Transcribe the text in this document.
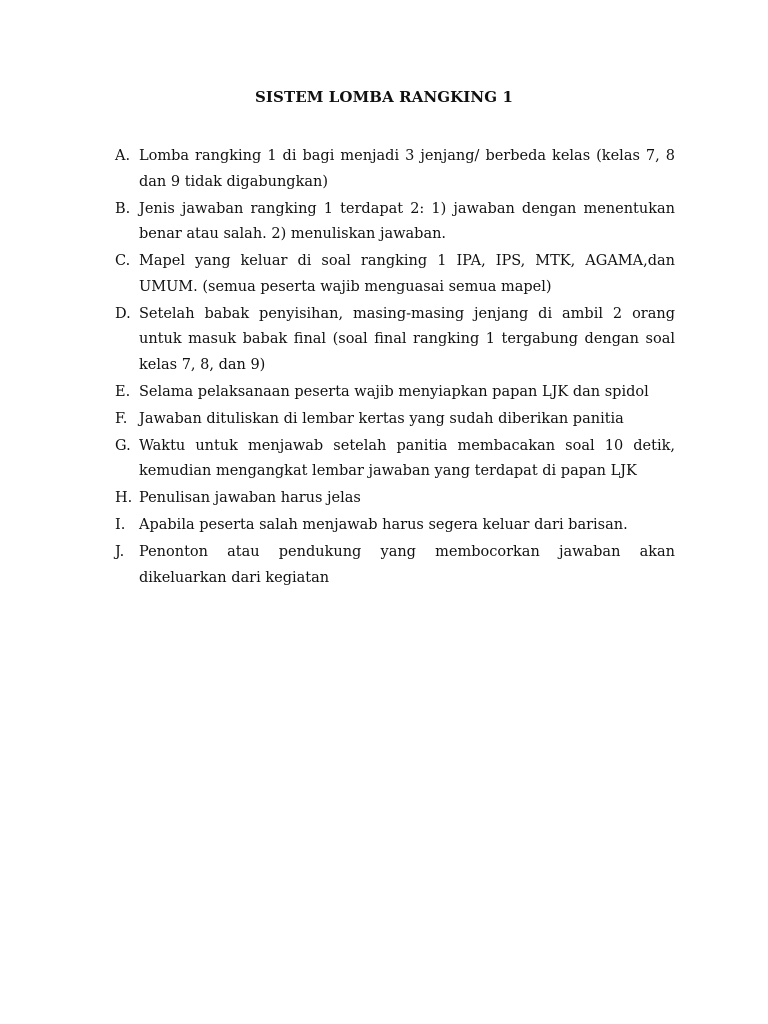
SISTEM LOMBA RANGKING 1
A. Lomba rangking 1 di bagi menjadi 3 jenjang/ berbeda kelas (kelas 7, 8 dan 9 tidak digabungkan)
B. Jenis jawaban rangking 1 terdapat 2: 1) jawaban dengan menentukan benar atau salah. 2) menuliskan jawaban.
C. Mapel yang keluar di soal rangking 1 IPA, IPS, MTK, AGAMA,dan UMUM. (semua peserta wajib menguasai semua mapel)
D. Setelah babak penyisihan, masing-masing jenjang di ambil 2 orang untuk masuk babak final (soal final rangking 1 tergabung dengan soal kelas 7, 8, dan 9)
E. Selama pelaksanaan peserta wajib menyiapkan papan LJK dan spidol
F. Jawaban dituliskan di lembar kertas yang sudah diberikan panitia
G. Waktu untuk menjawab setelah panitia membacakan soal 10 detik, kemudian mengangkat lembar jawaban yang terdapat di papan LJK
H. Penulisan jawaban harus jelas
I. Apabila peserta salah menjawab harus segera keluar dari barisan.
J.	Penonton atau pendukung yang membocorkan jawaban akan dikeluarkan dari kegiatan
